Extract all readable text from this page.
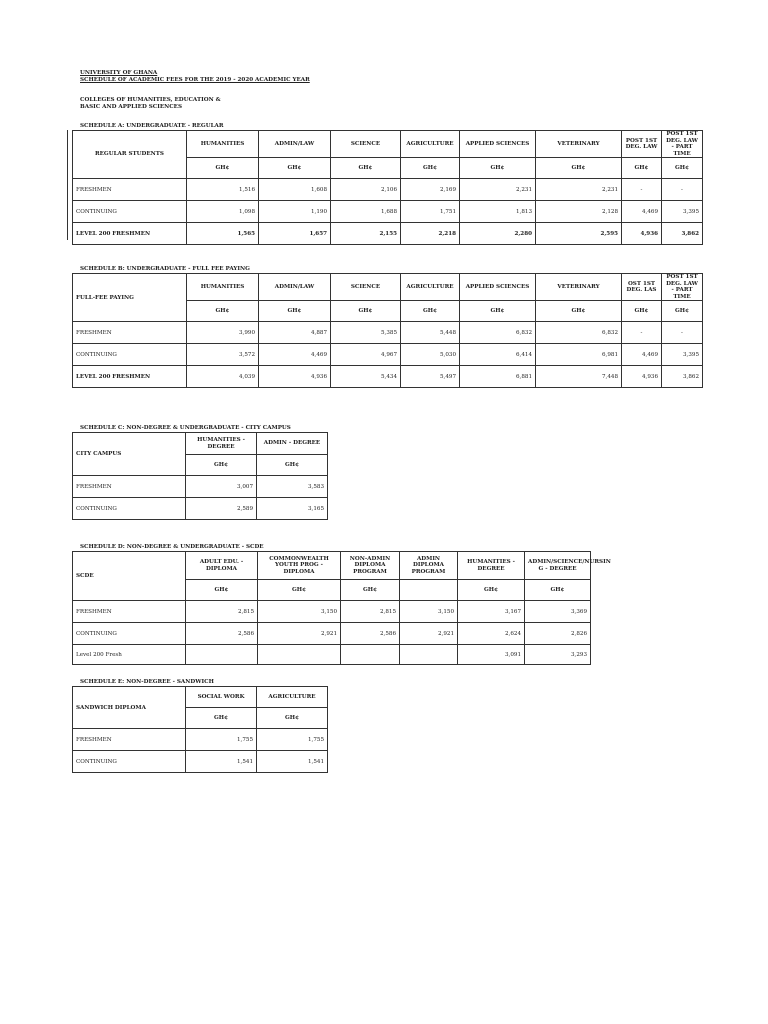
UNIVERSITY OF GHANA
SCHEDULE OF ACADEMIC FEES FOR THE 2019 - 2020 ACADEMIC YEAR
COLLEGES OF HUMANITIES, EDUCATION &
BASIC AND APPLIED SCIENCES
SCHEDULE A: UNDERGRADUATE - REGULAR
REGULAR STUDENTS	HUMANITIES	ADMIN/LAW	SCIENCE	AGRICULTURE	APPLIED SCIENCES	VETERINARY	POST 1ST DEG. LAW	POST 1ST DEG. LAW - PART TIME
	GH¢	GH¢	GH¢	GH¢	GH¢	GH¢	GH¢	GH¢
FRESHMEN	1,516	1,608	2,106	2,169	2,231	2,231	-	-
CONTINUING	1,098	1,190	1,688	1,751	1,813	2,128	4,469	3,395
LEVEL 200 FRESHMEN	1,565	1,657	2,155	2,218	2,280	2,595	4,936	3,862
SCHEDULE B: UNDERGRADUATE - FULL FEE PAYING
FULL-FEE PAYING	HUMANITIES	ADMIN/LAW	SCIENCE	AGRICULTURE	APPLIED SCIENCES	VETERINARY	OST 1ST DEG. LAS	POST 1ST DEG. LAW - PART TIME
	GH¢	GH¢	GH¢	GH¢	GH¢	GH¢	GH¢	GH¢
FRESHMEN	3,990	4,887	5,385	5,448	6,832	6,832	-	-
CONTINUING	3,572	4,469	4,967	5,030	6,414	6,981	4,469	3,395
LEVEL 200 FRESHMEN	4,039	4,936	5,434	5,497	6,881	7,448	4,936	3,862
SCHEDULE C: NON-DEGREE & UNDERGRADUATE - CITY CAMPUS
CITY CAMPUS	HUMANITIES - DEGREE	ADMIN - DEGREE
	GH¢	GH¢
FRESHMEN	3,007	3,583
CONTINUING	2,589	3,165
SCHEDULE D: NON-DEGREE & UNDERGRADUATE - SCDE
SCDE	ADULT EDU. - DIPLOMA	COMMONWEALTH YOUTH PROG - DIPLOMA	NON-ADMIN DIPLOMA PROGRAM	ADMIN DIPLOMA PROGRAM	HUMANITIES - DEGREE	ADMIN/SCIENCE/NURSIN G - DEGREE
	GH¢	GH¢	GH¢		GH¢	GH¢
FRESHMEN	2,815	3,150	2,815	3,150	3,167	3,369
CONTINUING	2,586	2,921	2,586	2,921	2,624	2,826
Level 200 Fresh					3,091	3,293
SCHEDULE E: NON-DEGREE - SANDWICH
SANDWICH DIPLOMA	SOCIAL WORK	AGRICULTURE
	GH¢	GH¢
FRESHMEN	1,755	1,755
CONTINUING	1,541	1,541
